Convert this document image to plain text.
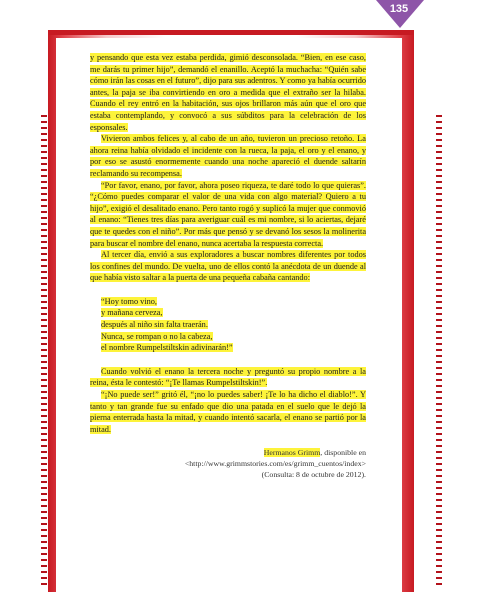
135

y pensando que esta vez estaba perdida, gimió desconsolada. “Bien, en ese caso, me darás tu primer hijo”, demandó el enanillo. Aceptó la muchacha: “Quién sabe cómo irán las cosas en el futuro”, dijo para sus adentros. Y como ya había ocurrido antes, la paja se iba convirtiendo en oro a medida que el extraño ser la hilaba. Cuando el rey entró en la habitación, sus ojos brillaron más aún que el oro que estaba contemplando, y convocó a sus súbditos para la celebración de los esponsales.

Vivieron ambos felices y, al cabo de un año, tuvieron un precioso retoño. La ahora reina había olvidado el incidente con la rueca, la paja, el oro y el enano, y por eso se asustó enormemente cuando una noche apareció el duende saltarín reclamando su recompensa.

“Por favor, enano, por favor, ahora poseo riqueza, te daré todo lo que quieras”. “¿Cómo puedes comparar el valor de una vida con algo material? Quiero a tu hijo”, exigió el desalitado enano. Pero tanto rogó y suplicó la mujer que conmovió al enano: “Tienes tres días para averiguar cuál es mi nombre, si lo aciertas, dejaré que te quedes con el niño”. Por más que pensó y se devanó los sesos la molinerita para buscar el nombre del enano, nunca acertaba la respuesta correcta.

Al tercer día, envió a sus exploradores a buscar nombres diferentes por todos los confines del mundo. De vuelta, uno de ellos contó la anécdota de un duende al que había visto saltar a la puerta de una pequeña cabaña cantando:

“Hoy tomo vino,
y mañana cerveza,
después al niño sin falta traerán.
Nunca, se rompan o no la cabeza,
el nombre Rumpelstiltskin adivinarán!”

Cuando volvió el enano la tercera noche y preguntó su propio nombre a la reina, ésta le contestó: “¡Te llamas Rumpelstiltskin!”.

“¡No puede ser!” gritó él, “¡no lo puedes saber! ¡Te lo ha dicho el diablo!”. Y tanto y tan grande fue su enfado que dio una patada en el suelo que le dejó la pierna enterrada hasta la mitad, y cuando intentó sacarla, el enano se partió por la mitad.

Hermanos Grimm, disponible en
<http://www.grimmstories.com/es/grimm_cuentos/index>
(Consulta: 8 de octubre de 2012).
